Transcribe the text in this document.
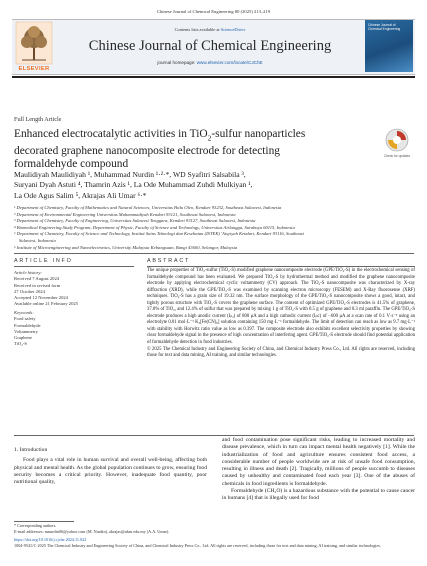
Chinese Journal of Chemical Engineering 80 (2025) 213–219
ELSEVIER
Contents lists available at ScienceDirect
Chinese Journal of Chemical Engineering
journal homepage: www.elsevier.com/locate/CJChE
Chinese Journal of Chemical Engineering
Full Length Article
Enhanced electrocatalytic activities in TiO$_2$-sulfur nanoparticles decorated graphene nanocomposite electrode for detecting formaldehyde compound
Check for updates
Maulidiyah Maulidiyah ¹, Muhammad Nurdin ¹·²·*, WD Syafitri Salsabila ³,
Suryani Dyah Astuti ⁴, Thamrin Azis ¹, La Ode Muhammad Zuhdi Mulkiyan ¹,
La Ode Agus Salim ⁵, Akrajas Ali Umar ⁶·*
¹ Department of Chemistry, Faculty of Mathematics and Natural Sciences, Universitas Halu Oleo, Kendari 93232, Southeast Sulawesi, Indonesia
² Department of Environmental Engineering Universitas Muhammadiyah Kendari 93121, Southeast Sulawesi, Indonesia
³ Department of Chemistry, Faculty of Engineering, Universitas Sulawesi Tenggara, Kendari 93127, Southeast Sulawesi, Indonesia
⁴ Biomedical Engineering Study Program, Department of Physic, Faculty of Science and Technology, Universitas Airlangga, Surabaya 60115, Indonesia
⁵ Department of Chemistry, Faculty of Science and Technology, Institut Sains Teknologi dan Kesehatan (ISTEK) 'Aisyiyah Kendari, Kendari 93116, Southeast
Sulawesi, Indonesia
⁶ Institute of Microengineering and Nanoelectronics, University Malaysia Kebangsaan, Bangi 43600, Selangor, Malaysia
ARTICLE INFO	ABSTRACT
Article history:
Received 7 August 2024
Received in revised form
27 October 2024
Accepted 12 November 2024
Available online 21 February 2025
Keywords:
Food safety
Formaldehyde
Voltammetry
Graphene
TiO₂-S
The unique properties of TiO₂-sulfur (TiO₂-S) modified graphene nanocomposite electrode (GPE/TiO₂-S) in the electrochemical sensing of formaldehyde compound has been evaluated. We prepared TiO₂-S by hydrothermal method and modified the graphene nanocomposite electrode by applying electrochemical cyclic voltammetry (CV) approach. The TiO₂-S nanocomposite was characterized by X-ray diffraction (XRD), while the GPE/TiO₂-S was examined by scanning electron microscopy (FESEM) and X-Ray fluorosense (XRF) techniques. TiO₂-S has a grain size of 19.32 nm. The surface morphology of the GPE/TiO₂-S nanocomposite shows a good, intact, and tightly porous structure with TiO₂-S covers the graphene surface. The content of optimized GPE/TiO₂-S electrodes is 41.5% of graphene, 37.8% of TiO₂, and 12.4% of sulfur that was prepared by mixing 1 g of TiO₂-S with 0.5 g of graphene and 0.3 ml paraffin. The GPE/TiO₂-S electrode produces a high anodic current (Iₚₐ) of 800 μA and a high cathodic current (Iₚc) of −600 μA at a scan rate of 0.1 V·s⁻¹ using an electrolyte 0.01 mol·L⁻¹ K₃[Fe(CN)₆] solution containing 150 mg·L⁻¹ formaldehyde. The limit of detection can reach as low as 9.7 mg·L⁻¹ with stability with Horwitz ratio value as low as 0.397. The composite electrode also exhibits excellent selectivity properties by showing clear formaldehyde signal in the presence of high concentration of interfering agent. GPE/TiO₂-S electrode should find potential application of formaldehyde detection in food industries.
© 2025 The Chemical Industry and Engineering Society of China, and Chemical Industry Press Co., Ltd. All rights are reserved, including those for text and data mining, AI training, and similar technologies.
1. Introduction

Food plays a vital role in human survival and overall well-being, affecting both physical and mental health. As the global population continues to grow, ensuring food security becomes a critical priority. However, inadequate food quantity, poor nutritional quality,

and food contamination pose significant risks, leading to increased mortality and disease prevalence, which in turn can impact mental health negatively [1]. While the industrialization of food and agriculture ensures consistent food access, a considerable number of people worldwide are at risk of unsafe food consumption, resulting in illness and death [2]. Tragically, millions of people succumb to diseases caused by unhealthy and contaminated food each year [3]. One of the abuses of chemicals in food ingredients is formaldehyde.

Formaldehyde (CH₂O) is a hazardous substance with the potential to cause cancer in humans [4] that is illegally used for food

* Corresponding authors.
E-mail addresses: mnurdin06@yahoo.com (M. Nurdin), akrajas@ukm.edu.my (A.A. Umar).
https://doi.org/10.1016/j.cjche.2024.11.022
1004-9541/© 2025 The Chemical Industry and Engineering Society of China, and Chemical Industry Press Co., Ltd. All rights are reserved, including those for text and data mining, AI training, and similar technologies.
